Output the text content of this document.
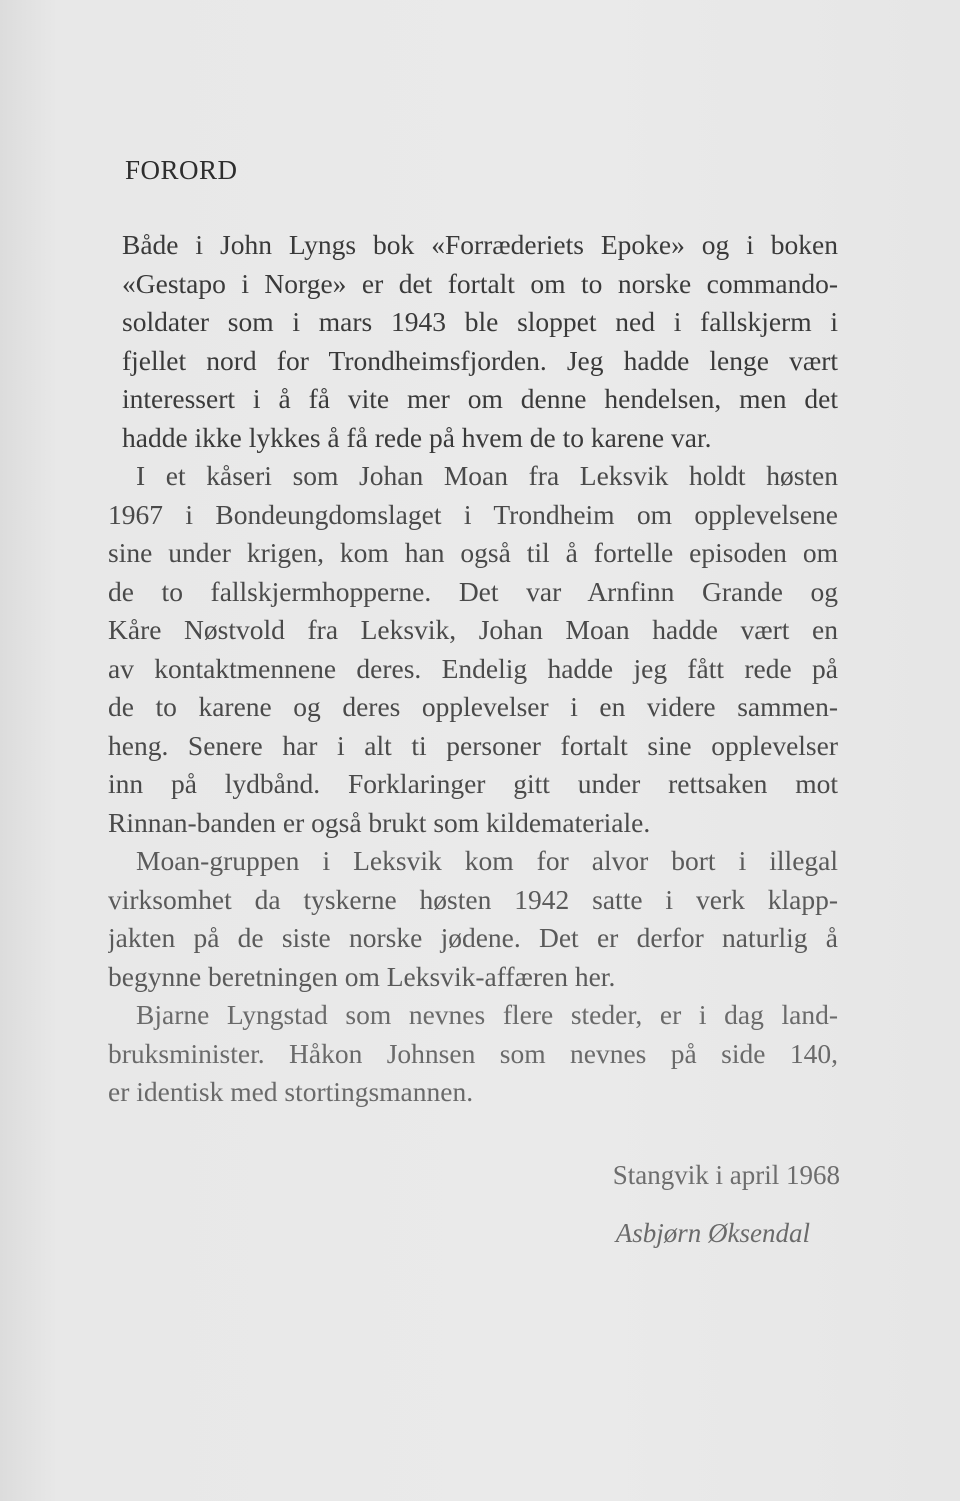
FORORD

Både i John Lyngs bok «Forræderiets Epoke» og i boken
«Gestapo i Norge» er det fortalt om to norske commando-
soldater som i mars 1943 ble sloppet ned i fallskjerm i
fjellet nord for Trondheimsfjorden. Jeg hadde lenge vært
interessert i å få vite mer om denne hendelsen, men det
hadde ikke lykkes å få rede på hvem de to karene var.

I et kåseri som Johan Moan fra Leksvik holdt høsten
1967 i Bondeungdomslaget i Trondheim om opplevelsene
sine under krigen, kom han også til å fortelle episoden om
de to fallskjermhopperne. Det var Arnfinn Grande og
Kåre Nøstvold fra Leksvik, Johan Moan hadde vært en
av kontaktmennene deres. Endelig hadde jeg fått rede på
de to karene og deres opplevelser i en videre sammen-
heng. Senere har i alt ti personer fortalt sine opplevelser
inn på lydbånd. Forklaringer gitt under rettsaken mot
Rinnan-banden er også brukt som kildemateriale.

Moan-gruppen i Leksvik kom for alvor bort i illegal
virksomhet da tyskerne høsten 1942 satte i verk klapp-
jakten på de siste norske jødene. Det er derfor naturlig å
begynne beretningen om Leksvik-affæren her.

Bjarne Lyngstad som nevnes flere steder, er i dag land-
bruksminister. Håkon Johnsen som nevnes på side 140,
er identisk med stortingsmannen.

Stangvik i april 1968

Asbjørn Øksendal
